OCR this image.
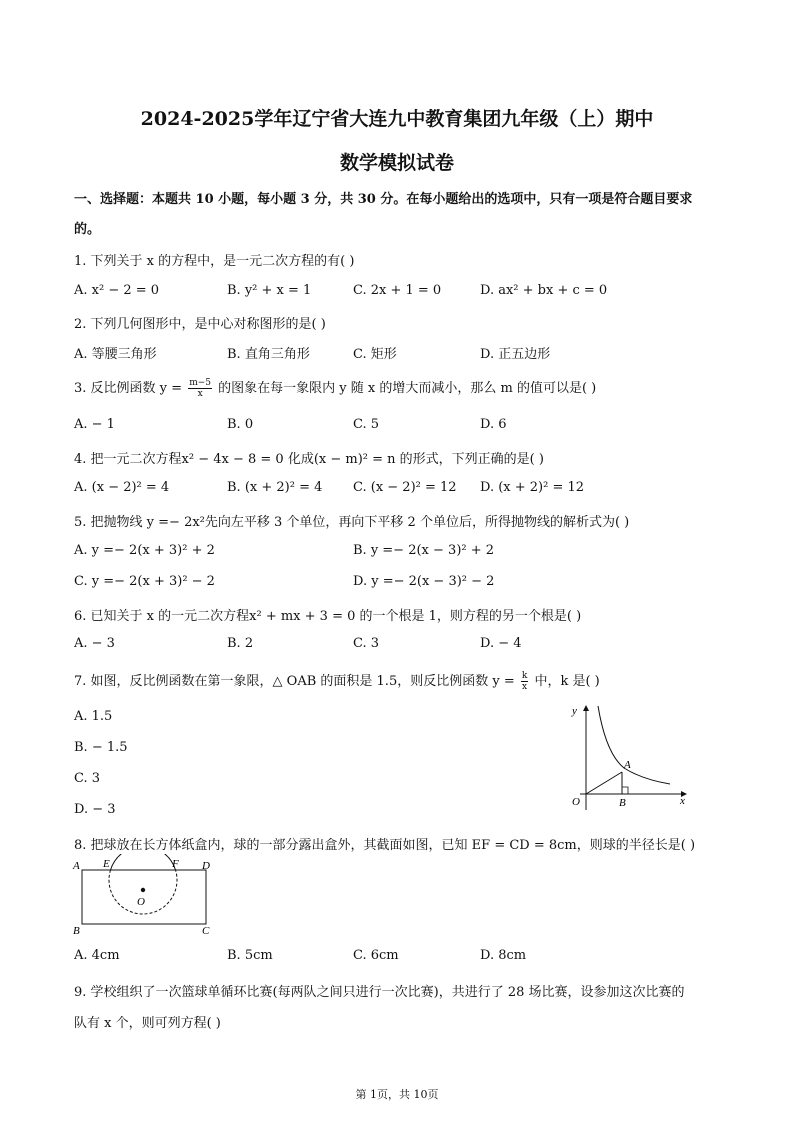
2024-2025学年辽宁省大连九中教育集团九年级（上）期中
数学模拟试卷
一、选择题：本题共 10 小题，每小题 3 分，共 30 分。在每小题给出的选项中，只有一项是符合题目要求
的。
1. 下列关于 x 的方程中，是一元二次方程的有( )
A. x² − 2 = 0	B. y² + x = 1	C. 2x + 1 = 0	D. ax² + bx + c = 0
2. 下列几何图形中，是中心对称图形的是( )
A. 等腰三角形	B. 直角三角形	C. 矩形	D. 正五边形
3. 反比例函数 $y = \frac{m-5}{x}$ 的图象在每一象限内 y 随 x 的增大而减小，那么 m 的值可以是( )
A. − 1	B. 0	C. 5	D. 6
4. 把一元二次方程x² − 4x − 8 = 0 化成(x − m)² = n 的形式，下列正确的是( )
A. (x − 2)² = 4	B. (x + 2)² = 4 C. (x − 2)² = 12 D. (x + 2)² = 12
5. 把抛物线 y =− 2x²先向左平移 3 个单位，再向下平移 2 个单位后，所得抛物线的解析式为( )
A. y =− 2(x + 3)² + 2	B. y =− 2(x − 3)² + 2
C. y =− 2(x + 3)² − 2	D. y =− 2(x − 3)² − 2
6. 已知关于 x 的一元二次方程x² + mx + 3 = 0 的一个根是 1，则方程的另一个根是( )
A. − 3	B. 2	C. 3	D. − 4
7. 如图，反比例函数在第一象限，△ OAB 的面积是 1.5，则反比例函数 $y = \frac{k}{x}$ 中，k 是( )
A. 1.5
B. − 1.5
C. 3
D. − 3
y
x
O
A
B
8. 把球放在长方体纸盒内，球的一部分露出盒外，其截面如图，已知 EF = CD = 8cm，则球的半径长是( )
A E	F D
O
B	C
A. 4cm	B. 5cm	C. 6cm	D. 8cm
9. 学校组织了一次篮球单循环比赛(每两队之间只进行一次比赛)，共进行了 28 场比赛，设参加这次比赛的
队有 x 个，则可列方程( )
第 1页，共 10页
